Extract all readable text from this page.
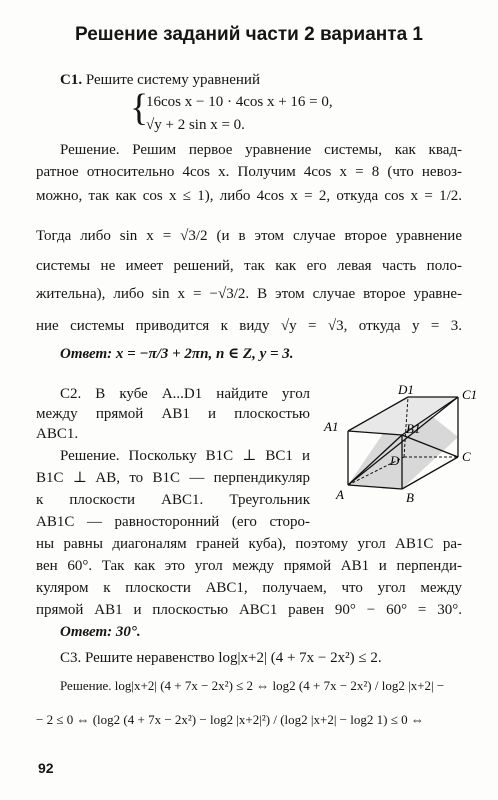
Решение заданий части 2 варианта 1
C1. Решите систему уравнений
{
16cos x − 10 · 4cos x + 16 = 0,
√y + 2 sin x = 0.
Решение. Решим первое уравнение системы, как квад-
ратное относительно 4cos x. Получим 4cos x = 8 (что невоз-
можно, так как cos x ≤ 1), либо 4cos x = 2, откуда cos x = 1/2.
Тогда либо sin x = √3/2 (и в этом случае второе уравнение
системы не имеет решений, так как его левая часть поло-
жительна), либо sin x = −√3/2. В этом случае второе уравне-
ние системы приводится к виду √y = √3, откуда y = 3.
Ответ: x = −π/3 + 2πn, n ∈ Z, y = 3.
C2. В кубе A...D1 найдите угол
между прямой AB1 и плоскостью
ABC1.
Решение. Поскольку B1C ⊥ BC1 и
B1C ⊥ AB, то B1C — перпендикуляр
к плоскости ABC1. Треугольник
AB1C — равносторонний (его сторо-
ны равны диагоналям граней куба), поэтому угол AB1C ра-
вен 60°. Так как это угол между прямой AB1 и перпенди-
куляром к плоскости ABC1, получаем, что угол между
прямой AB1 и плоскостью ABC1 равен 90° − 60° = 30°.
Ответ: 30°.
D1	C1
A1	B1
D	C
A	B
C3. Решите неравенство log|x+2| (4 + 7x − 2x²) ≤ 2.
Решение. log|x+2| (4 + 7x − 2x²) ≤ 2 ⇔ log2 (4 + 7x − 2x²) / log2 |x+2| −
− 2 ≤ 0 ⇔ (log2 (4 + 7x − 2x²) − log2 |x+2|²) / (log2 |x+2| − log2 1) ≤ 0 ⇔
92
